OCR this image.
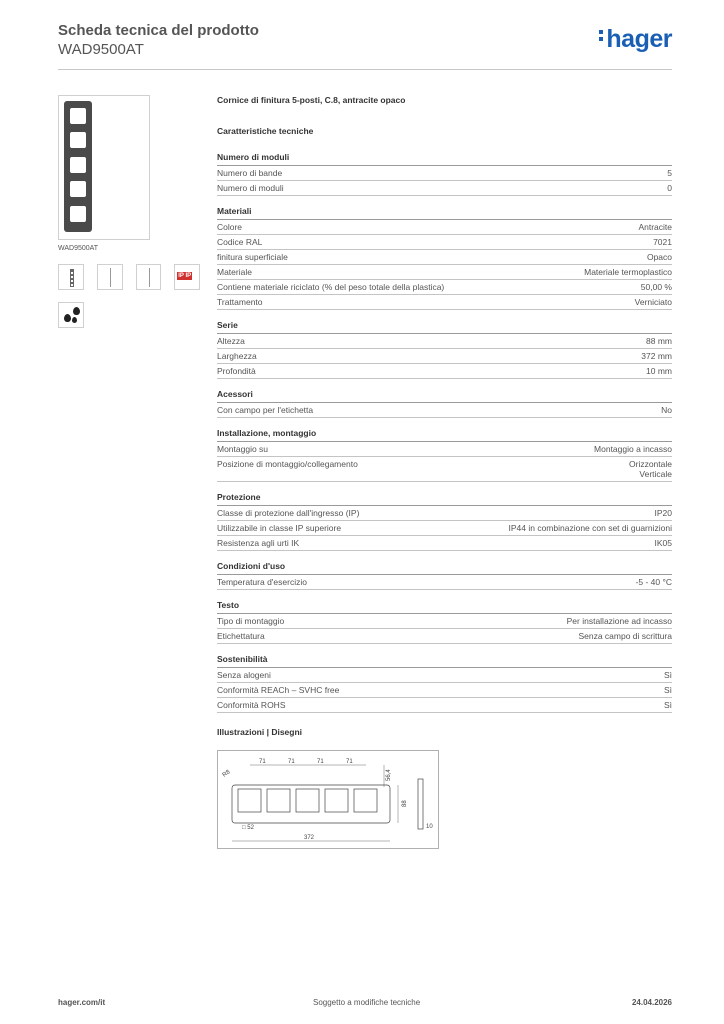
Scheda tecnica del prodotto
WAD9500AT	hager
WAD9500AT
IP IP
Cornice di finitura 5-posti, C.8, antracite opaco
Caratteristiche tecniche
Numero di moduli
Numero di bande	5
Numero di moduli	0
Materiali
Colore	Antracite
Codice RAL	7021
finitura superficiale	Opaco
Materiale	Materiale termoplastico
Contiene materiale riciclato (% del peso totale della plastica)	50,00 %
Trattamento	Verniciato
Serie
Altezza	88 mm
Larghezza	372 mm
Profondità	10 mm
Acessori
Con campo per l'etichetta	No
Installazione, montaggio
Montaggio su	Montaggio a incasso
Posizione di montaggio/collegamento	Orizzontale
Verticale
Protezione
Classe di protezione dall'ingresso (IP)	IP20
Utilizzabile in classe IP superiore	IP44 in combinazione con set di guarnizioni
Resistenza agli urti IK	IK05
Condizioni d'uso
Temperatura d'esercizio	-5 - 40 °C
Testo
Tipo di montaggio	Per installazione ad incasso
Etichettatura	Senza campo di scrittura
Sostenibilità
Senza alogeni	Sì
Conformità REACh – SVHC free	Sì
Conformità ROHS	Sì
Illustrazioni | Disegni
71	71	71	71
R8	56,4
88
□ 52
372
10
hager.com/it	Soggetto a modifiche tecniche	24.04.2026
